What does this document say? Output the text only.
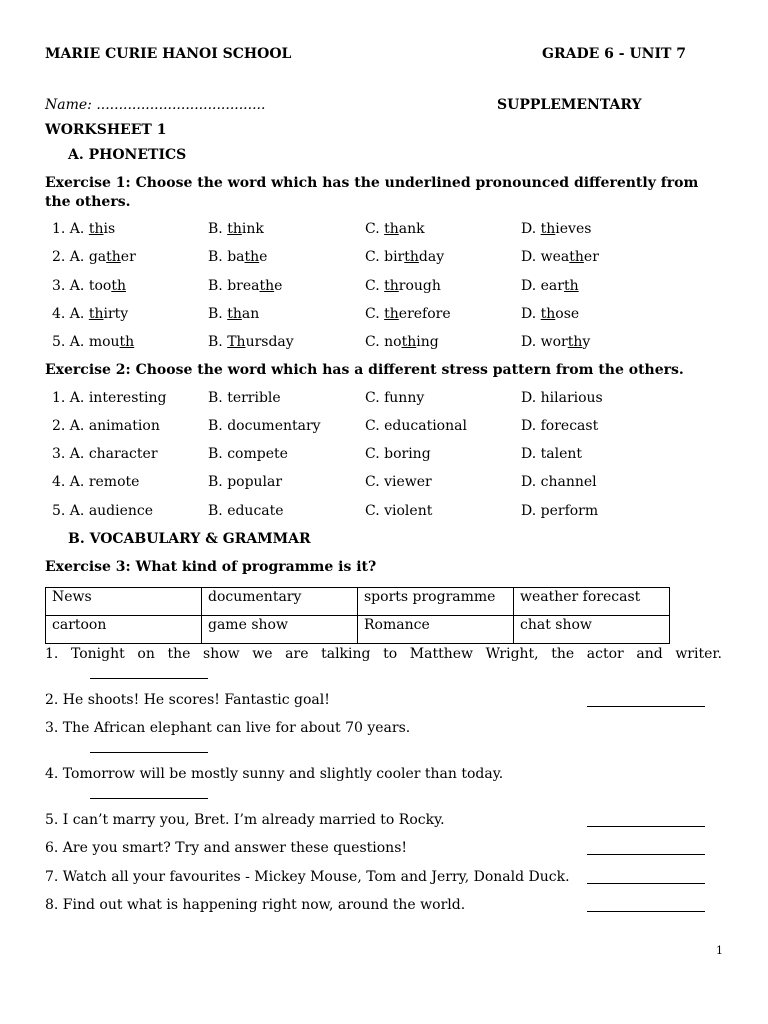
MARIE CURIE HANOI SCHOOL	GRADE 6 - UNIT 7
Name: ......................................	SUPPLEMENTARY
WORKSHEET 1
A. PHONETICS
Exercise 1: Choose the word which has the underlined pronounced differently from the others.
1. A. this	B. think	C. thank	D. thieves
2. A. gather	B. bathe	C. birthday	D. weather
3. A. tooth	B. breathe	C. through	D. earth
4. A. thirty	B. than	C. therefore	D. those
5. A. mouth	B. Thursday	C. nothing	D. worthy
Exercise 2: Choose the word which has a different stress pattern from the others.
1. A. interesting	B. terrible	C. funny	D. hilarious
2. A. animation	B. documentary	C. educational	D. forecast
3. A. character	B. compete	C. boring	D. talent
4. A. remote	B. popular	C. viewer	D. channel
5. A. audience	B. educate	C. violent	D. perform
B. VOCABULARY & GRAMMAR
Exercise 3: What kind of programme is it?
News	documentary	sports programme	weather forecast
cartoon	game show	Romance	chat show
1. Tonight on the show we are talking to Matthew Wright, the actor and writer.
2. He shoots! He scores! Fantastic goal!
3. The African elephant can live for about 70 years.
4. Tomorrow will be mostly sunny and slightly cooler than today.
5. I can’t marry you, Bret. I’m already married to Rocky.
6. Are you smart? Try and answer these questions!
7. Watch all your favourites - Mickey Mouse, Tom and Jerry, Donald Duck.
8. Find out what is happening right now, around the world.
1
